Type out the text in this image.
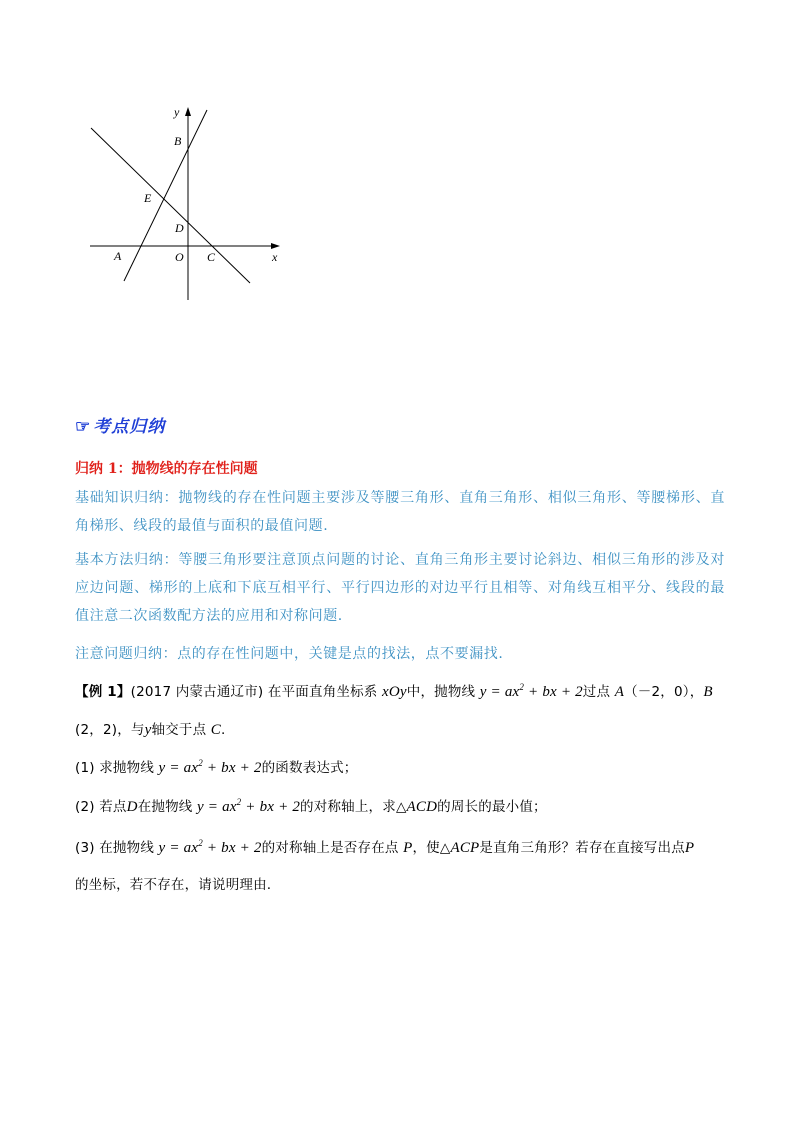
y
x
B
E
D
A	O C
☞ 考点归纳
归纳 1：抛物线的存在性问题
基础知识归纳：抛物线的存在性问题主要涉及等腰三角形、直角三角形、相似三角形、等腰梯形、直角梯形、线段的最值与面积的最值问题.
基本方法归纳：等腰三角形要注意顶点问题的讨论、直角三角形主要讨论斜边、相似三角形的涉及对应边问题、梯形的上底和下底互相平行、平行四边形的对边平行且相等、对角线互相平分、线段的最值注意二次函数配方法的应用和对称问题.
注意问题归纳：点的存在性问题中，关键是点的找法，点不要漏找.
【例 1】(2017 内蒙古通辽市) 在平面直角坐标系 xOy中，抛物线 $y = ax^2$ + bx + 2过点 A（－2，0），B
(2，2)，与y轴交于点 C.
(1) 求抛物线 $y = ax^2$ + bx + 2的函数表达式；
(2) 若点D在抛物线 $y = ax^2$ + bx + 2的对称轴上，求△ACD的周长的最小值；
(3) 在抛物线 $y = ax^2$ + bx + 2的对称轴上是否存在点 P，使△ACP是直角三角形？若存在直接写出点P
的坐标，若不存在，请说明理由.
